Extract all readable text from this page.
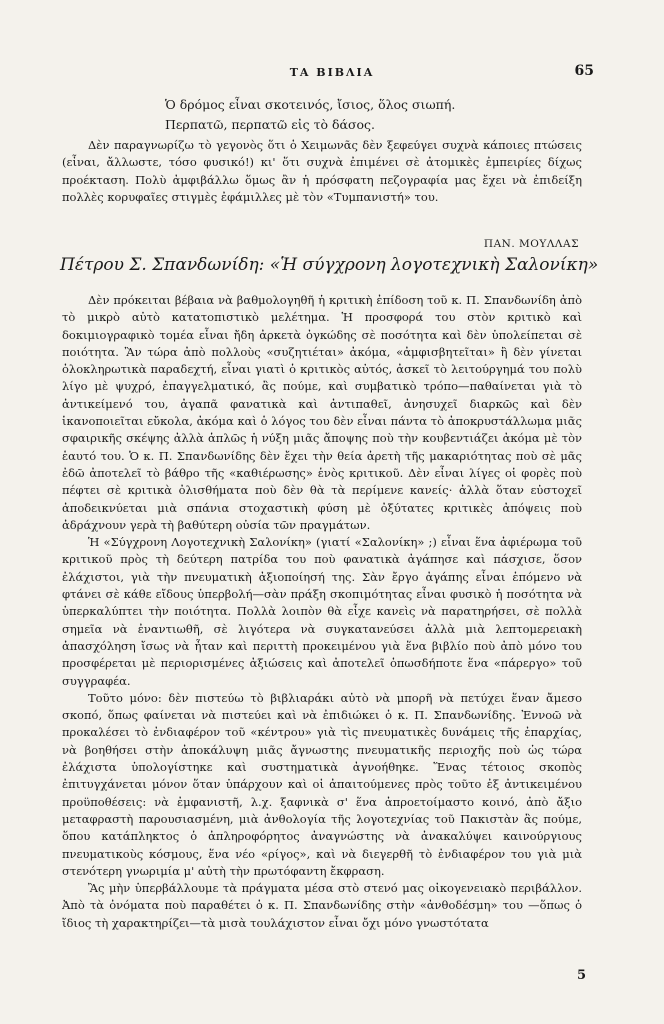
ΤΑ ΒΙΒΛΙΑ	65
Ὁ δρόμος εἶναι σκοτεινός, ἴσιος, ὅλος σιωπή.
Περπατῶ, περπατῶ εἰς τὸ δάσος.

Δὲν παραγνωρίζω τὸ γεγονὸς ὅτι ὁ Χειμωνᾶς δὲν ξεφεύγει συχνὰ κάποιες πτώσεις (εἶναι, ἄλλωστε, τόσο φυσικό!) κι' ὅτι συχνὰ ἐπιμένει σὲ ἀτομικὲς ἐμπειρίες δίχως προέκταση. Πολὺ ἀμφιβάλλω ὅμως ἂν ἡ πρόσφατη πεζογραφία μας ἔχει νὰ ἐπιδείξη πολλὲς κορυφαῖες στιγμὲς ἐφάμιλλες μὲ τὸν «Τυμπανιστή» του.

ΠΑΝ. ΜΟΥΛΛΑΣ
Πέτρου Σ. Σπανδωνίδη: «Ἡ σύγχρονη λογοτεχνικὴ Σαλονίκη»

Δὲν πρόκειται βέβαια νὰ βαθμολογηθῆ ἡ κριτικὴ ἐπίδοση τοῦ κ. Π. Σπανδωνίδη ἀπὸ τὸ μικρὸ αὐτὸ κατατοπιστικὸ μελέτημα. Ἡ προσφορά του στὸν κριτικὸ καὶ δοκιμιογραφικὸ τομέα εἶναι ἤδη ἀρκετὰ ὀγκώδης σὲ ποσότητα καὶ δὲν ὑπολείπεται σὲ ποιότητα. Ἂν τώρα ἀπὸ πολλοὺς «συζητιέται» ἀκόμα, «ἀμφισβητεῖται» ἢ δὲν γίνεται ὁλοκληρωτικὰ παραδεχτή, εἶναι γιατὶ ὁ κριτικὸς αὐτός, ἀσκεῖ τὸ λειτούργημά του πολὺ λίγο μὲ ψυχρό, ἐπαγγελματικό, ἂς πούμε, καὶ συμβατικὸ τρόπο—παθαίνεται γιὰ τὸ ἀντικείμενό του, ἀγαπᾶ φανατικὰ καὶ ἀντιπαθεῖ, ἀνησυχεῖ διαρκῶς καὶ δὲν ἱκανοποιεῖται εὔκολα, ἀκόμα καὶ ὁ λόγος του δὲν εἶναι πάντα τὸ ἀποκρυστάλλωμα μιᾶς σφαιρικῆς σκέψης ἀλλὰ ἁπλῶς ἡ νύξη μιᾶς ἄποψης ποὺ τὴν κουβεντιάζει ἀκόμα μὲ τὸν ἑαυτό του. Ὁ κ. Π. Σπανδωνίδης δὲν ἔχει τὴν θεία ἀρετὴ τῆς μακαριότητας ποὺ σὲ μᾶς ἐδῶ ἀποτελεῖ τὸ βάθρο τῆς «καθιέρωσης» ἑνὸς κριτικοῦ. Δὲν εἶναι λίγες οἱ φορὲς ποὺ πέφτει σὲ κριτικὰ ὀλισθήματα ποὺ δὲν θὰ τὰ περίμενε κανείς· ἀλλὰ ὅταν εὐστοχεῖ ἀποδεικνύεται μιὰ σπάνια στοχαστικὴ φύση μὲ ὀξύτατες κριτικὲς ἀπόψεις ποὺ ἀδράχνουν γερὰ τὴ βαθύτερη οὐσία τῶν πραγμάτων.

Ἡ «Σύγχρονη Λογοτεχνικὴ Σαλονίκη» (γιατί «Σαλονίκη» ;) εἶναι ἕνα ἀφιέρωμα τοῦ κριτικοῦ πρὸς τὴ δεύτερη πατρίδα του ποὺ φανατικὰ ἀγάπησε καὶ πάσχισε, ὅσον ἐλάχιστοι, γιὰ τὴν πνευματικὴ ἀξιοποίησή της. Σὰν ἔργο ἀγάπης εἶναι ἑπόμενο νὰ φτάνει σὲ κάθε εἴδους ὑπερβολή—σὰν πράξη σκοπιμότητας εἶναι φυσικὸ ἡ ποσότητα νὰ ὑπερκαλύπτει τὴν ποιότητα. Πολλὰ λοιπὸν θὰ εἶχε κανεὶς νὰ παρατηρήσει, σὲ πολλὰ σημεῖα νὰ ἐναντιωθῆ, σὲ λιγότερα νὰ συγκατανεύσει ἀλλὰ μιὰ λεπτομερειακὴ ἀπασχόληση ἴσως νὰ ἦταν καὶ περιττὴ προκειμένου γιὰ ἕνα βιβλίο ποὺ ἀπὸ μόνο του προσφέρεται μὲ περιορισμένες ἀξιώσεις καὶ ἀποτελεῖ ὁπωσδήποτε ἕνα «πάρεργο» τοῦ συγγραφέα.

Τοῦτο μόνο: δὲν πιστεύω τὸ βιβλιαράκι αὐτὸ νὰ μπορῆ νὰ πετύχει ἕναν ἄμεσο σκοπό, ὅπως φαίνεται νὰ πιστεύει καὶ νὰ ἐπιδιώκει ὁ κ. Π. Σπανδωνίδης. Ἐννοῶ νὰ προκαλέσει τὸ ἐνδιαφέρον τοῦ «κέντρου» γιὰ τὶς πνευματικὲς δυνάμεις τῆς ἐπαρχίας, νὰ βοηθήσει στὴν ἀποκάλυψη μιᾶς ἄγνωστης πνευματικῆς περιοχῆς ποὺ ὡς τώρα ἐλάχιστα ὑπολογίστηκε καὶ συστηματικὰ ἀγνοήθηκε. Ἕνας τέτοιος σκοπὸς ἐπιτυγχάνεται μόνον ὅταν ὑπάρχουν καὶ οἱ ἀπαιτούμενες πρὸς τοῦτο ἐξ ἀντικειμένου προϋποθέσεις: νὰ ἐμφανιστῆ, λ.χ. ξαφνικὰ σ' ἕνα ἀπροετοίμαστο κοινό, ἀπὸ ἄξιο μεταφραστὴ παρουσιασμένη, μιὰ ἀνθολογία τῆς λογοτεχνίας τοῦ Πακιστὰν ἂς πούμε, ὅπου κατάπληκτος ὁ ἀπληροφόρητος ἀναγνώστης νὰ ἀνακαλύψει καινούργιους πνευματικοὺς κόσμους, ἕνα νέο «ρίγος», καὶ νὰ διεγερθῆ τὸ ἐνδιαφέρον του γιὰ μιὰ στενότερη γνωριμία μ' αὐτὴ τὴν πρωτόφαντη ἔκφραση.

Ἂς μὴν ὑπερβάλλουμε τὰ πράγματα μέσα στὸ στενό μας οἰκογενειακὸ περιβάλλον. Ἀπὸ τὰ ὀνόματα ποὺ παραθέτει ὁ κ. Π. Σπανδωνίδης στὴν «ἀνθοδέσμη» του —ὅπως ὁ ἴδιος τὴ χαρακτηρίζει—τὰ μισὰ τουλάχιστον εἶναι ὄχι μόνο γνωστότατα

5
